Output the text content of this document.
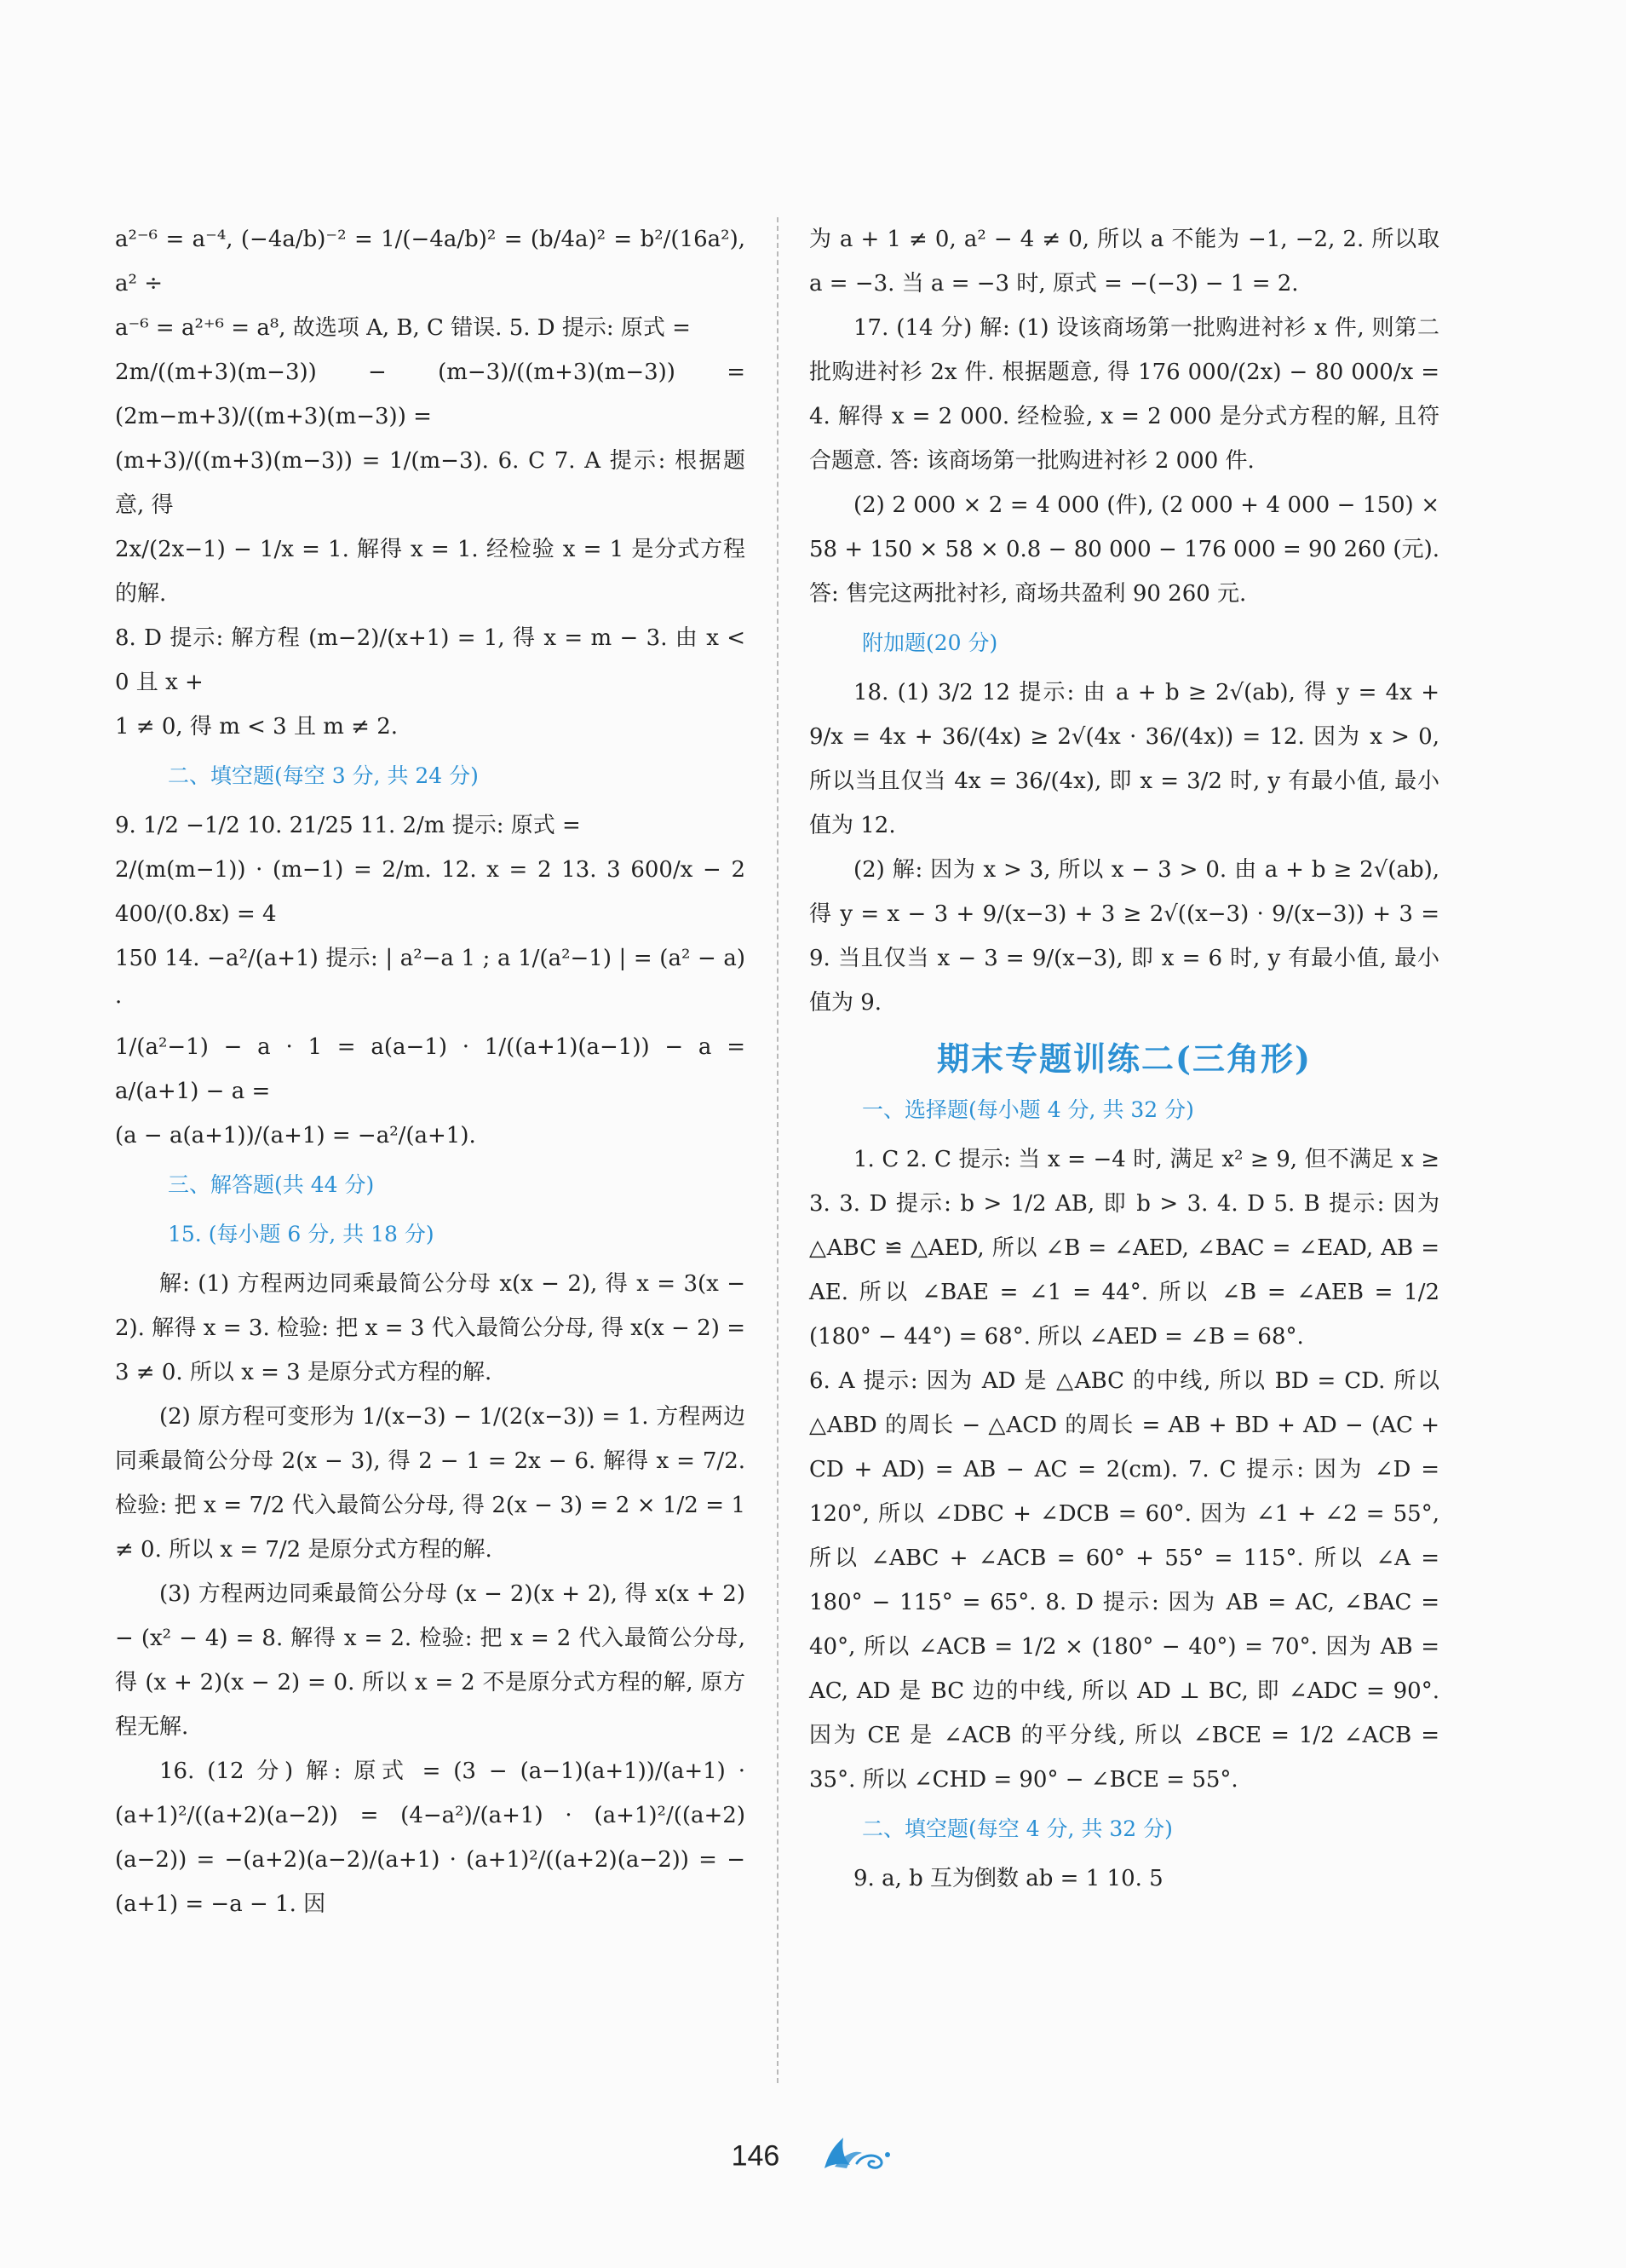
a²⁻⁶ = a⁻⁴, (−4a/b)⁻² = 1/(−4a/b)² = (b/4a)² = b²/(16a²), a² ÷

a⁻⁶ = a²⁺⁶ = a⁸, 故选项 A, B, C 错误. 5. D 提示: 原式 =

2m/((m+3)(m−3)) − (m−3)/((m+3)(m−3)) = (2m−m+3)/((m+3)(m−3)) =

(m+3)/((m+3)(m−3)) = 1/(m−3). 6. C 7. A 提示: 根据题意, 得

2x/(2x−1) − 1/x = 1. 解得 x = 1. 经检验 x = 1 是分式方程的解.

8. D 提示: 解方程 (m−2)/(x+1) = 1, 得 x = m − 3. 由 x < 0 且 x +

1 ≠ 0, 得 m < 3 且 m ≠ 2.

二、填空题(每空 3 分, 共 24 分)

9. 1/2 −1/2 10. 21/25 11. 2/m 提示: 原式 =

2/(m(m−1)) · (m−1) = 2/m. 12. x = 2 13. 3 600/x − 2 400/(0.8x) = 4

150 14. −a²/(a+1) 提示: | a²−a 1 ; a 1/(a²−1) | = (a² − a) ·

1/(a²−1) − a · 1 = a(a−1) · 1/((a+1)(a−1)) − a = a/(a+1) − a =

(a − a(a+1))/(a+1) = −a²/(a+1).

三、解答题(共 44 分)

15. (每小题 6 分, 共 18 分)

解: (1) 方程两边同乘最简公分母 x(x − 2), 得 x = 3(x − 2). 解得 x = 3. 检验: 把 x = 3 代入最简公分母, 得 x(x − 2) = 3 ≠ 0. 所以 x = 3 是原分式方程的解.

(2) 原方程可变形为 1/(x−3) − 1/(2(x−3)) = 1. 方程两边同乘最简公分母 2(x − 3), 得 2 − 1 = 2x − 6. 解得 x = 7/2. 检验: 把 x = 7/2 代入最简公分母, 得 2(x − 3) = 2 × 1/2 = 1 ≠ 0. 所以 x = 7/2 是原分式方程的解.

(3) 方程两边同乘最简公分母 (x − 2)(x + 2), 得 x(x + 2) − (x² − 4) = 8. 解得 x = 2. 检验: 把 x = 2 代入最简公分母, 得 (x + 2)(x − 2) = 0. 所以 x = 2 不是原分式方程的解, 原方程无解.

16. (12 分) 解: 原式 = (3 − (a−1)(a+1))/(a+1) · (a+1)²/((a+2)(a−2)) = (4−a²)/(a+1) · (a+1)²/((a+2)(a−2)) = −(a+2)(a−2)/(a+1) · (a+1)²/((a+2)(a−2)) = −(a+1) = −a − 1. 因

为 a + 1 ≠ 0, a² − 4 ≠ 0, 所以 a 不能为 −1, −2, 2. 所以取 a = −3. 当 a = −3 时, 原式 = −(−3) − 1 = 2.

17. (14 分) 解: (1) 设该商场第一批购进衬衫 x 件, 则第二批购进衬衫 2x 件. 根据题意, 得 176 000/(2x) − 80 000/x = 4. 解得 x = 2 000. 经检验, x = 2 000 是分式方程的解, 且符合题意. 答: 该商场第一批购进衬衫 2 000 件.

(2) 2 000 × 2 = 4 000 (件), (2 000 + 4 000 − 150) × 58 + 150 × 58 × 0.8 − 80 000 − 176 000 = 90 260 (元). 答: 售完这两批衬衫, 商场共盈利 90 260 元.

附加题(20 分)

18. (1) 3/2 12 提示: 由 a + b ≥ 2√(ab), 得 y = 4x + 9/x = 4x + 36/(4x) ≥ 2√(4x · 36/(4x)) = 12. 因为 x > 0, 所以当且仅当 4x = 36/(4x), 即 x = 3/2 时, y 有最小值, 最小值为 12.

(2) 解: 因为 x > 3, 所以 x − 3 > 0. 由 a + b ≥ 2√(ab), 得 y = x − 3 + 9/(x−3) + 3 ≥ 2√((x−3) · 9/(x−3)) + 3 = 9. 当且仅当 x − 3 = 9/(x−3), 即 x = 6 时, y 有最小值, 最小值为 9.

期末专题训练二(三角形)

一、选择题(每小题 4 分, 共 32 分)

1. C 2. C 提示: 当 x = −4 时, 满足 x² ≥ 9, 但不满足 x ≥ 3. 3. D 提示: b > 1/2 AB, 即 b > 3. 4. D 5. B 提示: 因为 △ABC ≌ △AED, 所以 ∠B = ∠AED, ∠BAC = ∠EAD, AB = AE. 所以 ∠BAE = ∠1 = 44°. 所以 ∠B = ∠AEB = 1/2 (180° − 44°) = 68°. 所以 ∠AED = ∠B = 68°.

6. A 提示: 因为 AD 是 △ABC 的中线, 所以 BD = CD. 所以 △ABD 的周长 − △ACD 的周长 = AB + BD + AD − (AC + CD + AD) = AB − AC = 2(cm). 7. C 提示: 因为 ∠D = 120°, 所以 ∠DBC + ∠DCB = 60°. 因为 ∠1 + ∠2 = 55°, 所以 ∠ABC + ∠ACB = 60° + 55° = 115°. 所以 ∠A = 180° − 115° = 65°. 8. D 提示: 因为 AB = AC, ∠BAC = 40°, 所以 ∠ACB = 1/2 × (180° − 40°) = 70°. 因为 AB = AC, AD 是 BC 边的中线, 所以 AD ⊥ BC, 即 ∠ADC = 90°. 因为 CE 是 ∠ACB 的平分线, 所以 ∠BCE = 1/2 ∠ACB = 35°. 所以 ∠CHD = 90° − ∠BCE = 55°.

二、填空题(每空 4 分, 共 32 分)

9. a, b 互为倒数 ab = 1 10. 5

146
